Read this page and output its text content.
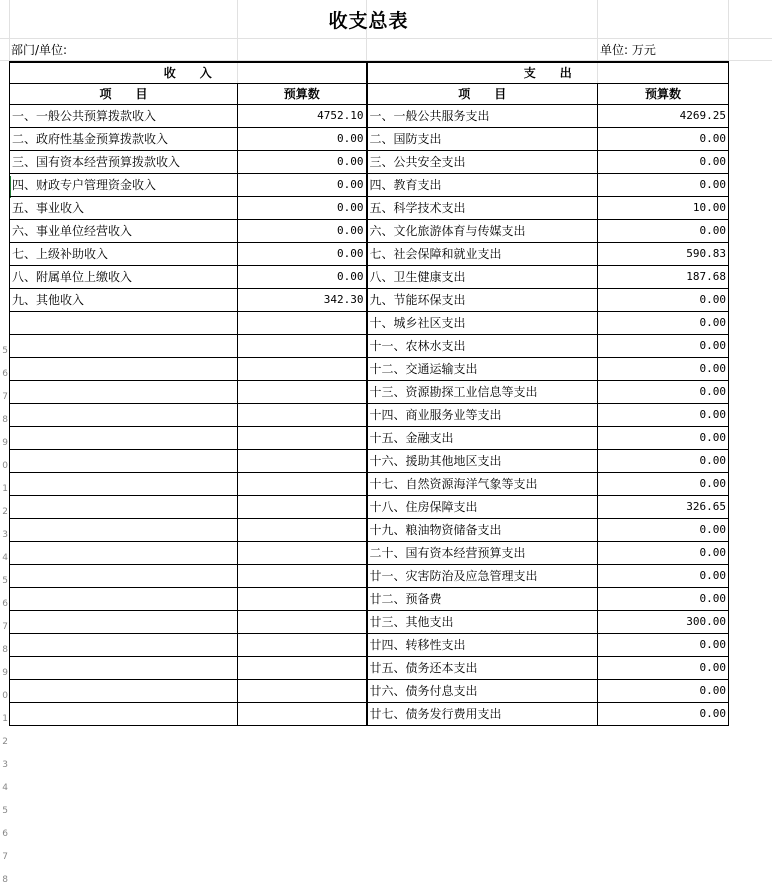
收支总表
部门/单位:	单位: 万元
收　　入		支　　出	
项　　目	预算数	项　　目	预算数
一、一般公共预算拨款收入	4752.10	一、一般公共服务支出	4269.25
二、政府性基金预算拨款收入	0.00	二、国防支出	0.00
三、国有资本经营预算拨款收入	0.00	三、公共安全支出	0.00
四、财政专户管理资金收入	0.00	四、教育支出	0.00
五、事业收入	0.00	五、科学技术支出	10.00
六、事业单位经营收入	0.00	六、文化旅游体育与传媒支出	0.00
七、上级补助收入	0.00	七、社会保障和就业支出	590.83
八、附属单位上缴收入	0.00	八、卫生健康支出	187.68
九、其他收入	342.30	九、节能环保支出	0.00
		十、城乡社区支出	0.00
		十一、农林水支出	0.00
		十二、交通运输支出	0.00
		十三、资源勘探工业信息等支出	0.00
		十四、商业服务业等支出	0.00
		十五、金融支出	0.00
		十六、援助其他地区支出	0.00
		十七、自然资源海洋气象等支出	0.00
		十八、住房保障支出	326.65
		十九、粮油物资储备支出	0.00
		二十、国有资本经营预算支出	0.00
		廿一、灾害防治及应急管理支出	0.00
		廿二、预备费	0.00
		廿三、其他支出	300.00
		廿四、转移性支出	0.00
		廿五、债务还本支出	0.00
		廿六、债务付息支出	0.00
		廿七、债务发行费用支出	0.00
5
6
7
8
9
0
1
2
3
4
5
6
7
8
9
0
1
2
3
4
5
6
7
8
